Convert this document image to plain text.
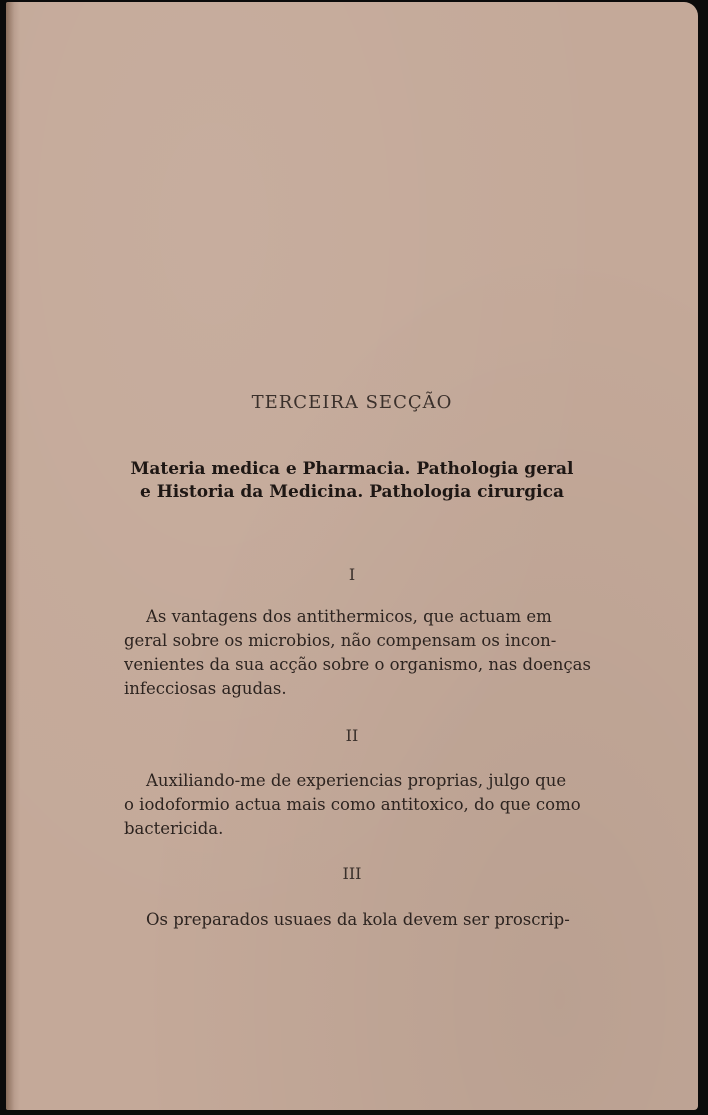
TERCEIRA SECÇÃO

Materia medica e Pharmacia. Pathologia geral

e Historia da Medicina. Pathologia cirurgica

I

As vantagens dos antithermicos, que actuam em

geral sobre os microbios, não compensam os incon-

venientes da sua acção sobre o organismo, nas doenças

infecciosas agudas.

II

Auxiliando-me de experiencias proprias, julgo que

o iodoformio actua mais como antitoxico, do que como

bactericida.

III

Os preparados usuaes da kola devem ser proscrip-
